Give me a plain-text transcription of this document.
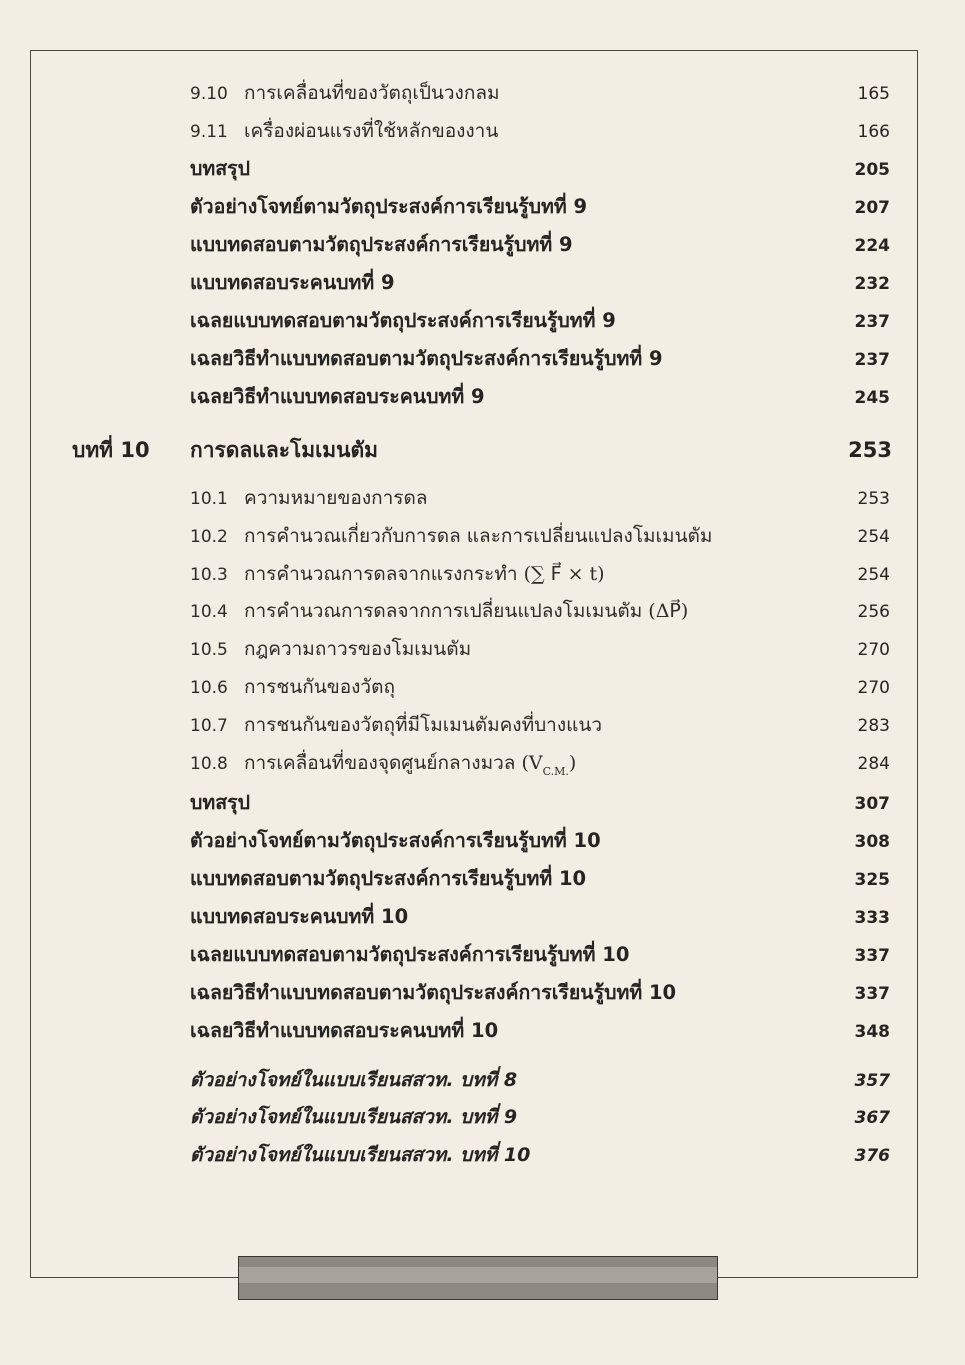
9.10 การเคลื่อนที่ของวัตถุเป็นวงกลม	165
9.11 เครื่องผ่อนแรงที่ใช้หลักของงาน	166
บทสรุป	205
ตัวอย่างโจทย์ตามวัตถุประสงค์การเรียนรู้บทที่ 9	207
แบบทดสอบตามวัตถุประสงค์การเรียนรู้บทที่ 9	224
แบบทดสอบระคนบทที่ 9	232
เฉลยแบบทดสอบตามวัตถุประสงค์การเรียนรู้บทที่ 9	237
เฉลยวิธีทำแบบทดสอบตามวัตถุประสงค์การเรียนรู้บทที่ 9	237
เฉลยวิธีทำแบบทดสอบระคนบทที่ 9	245
บทที่ 10 การดลและโมเมนตัม	253
10.1 ความหมายของการดล	253
10.2 การคำนวณเกี่ยวกับการดล และการเปลี่ยนแปลงโมเมนตัม	254
10.3 การคำนวณการดลจากแรงกระทำ (∑ F⃗ × t)	254
10.4 การคำนวณการดลจากการเปลี่ยนแปลงโมเมนตัม (ΔP⃗)	256
10.5 กฎความถาวรของโมเมนตัม	270
10.6 การชนกันของวัตถุ	270
10.7 การชนกันของวัตถุที่มีโมเมนตัมคงที่บางแนว	283
10.8 การเคลื่อนที่ของจุดศูนย์กลางมวล $(V_{C.M.})$	284
บทสรุป	307
ตัวอย่างโจทย์ตามวัตถุประสงค์การเรียนรู้บทที่ 10	308
แบบทดสอบตามวัตถุประสงค์การเรียนรู้บทที่ 10	325
แบบทดสอบระคนบทที่ 10	333
เฉลยแบบทดสอบตามวัตถุประสงค์การเรียนรู้บทที่ 10	337
เฉลยวิธีทำแบบทดสอบตามวัตถุประสงค์การเรียนรู้บทที่ 10	337
เฉลยวิธีทำแบบทดสอบระคนบทที่ 10	348
ตัวอย่างโจทย์ในแบบเรียนสสวท. บทที่ 8	357
ตัวอย่างโจทย์ในแบบเรียนสสวท. บทที่ 9	367
ตัวอย่างโจทย์ในแบบเรียนสสวท. บทที่ 10	376
